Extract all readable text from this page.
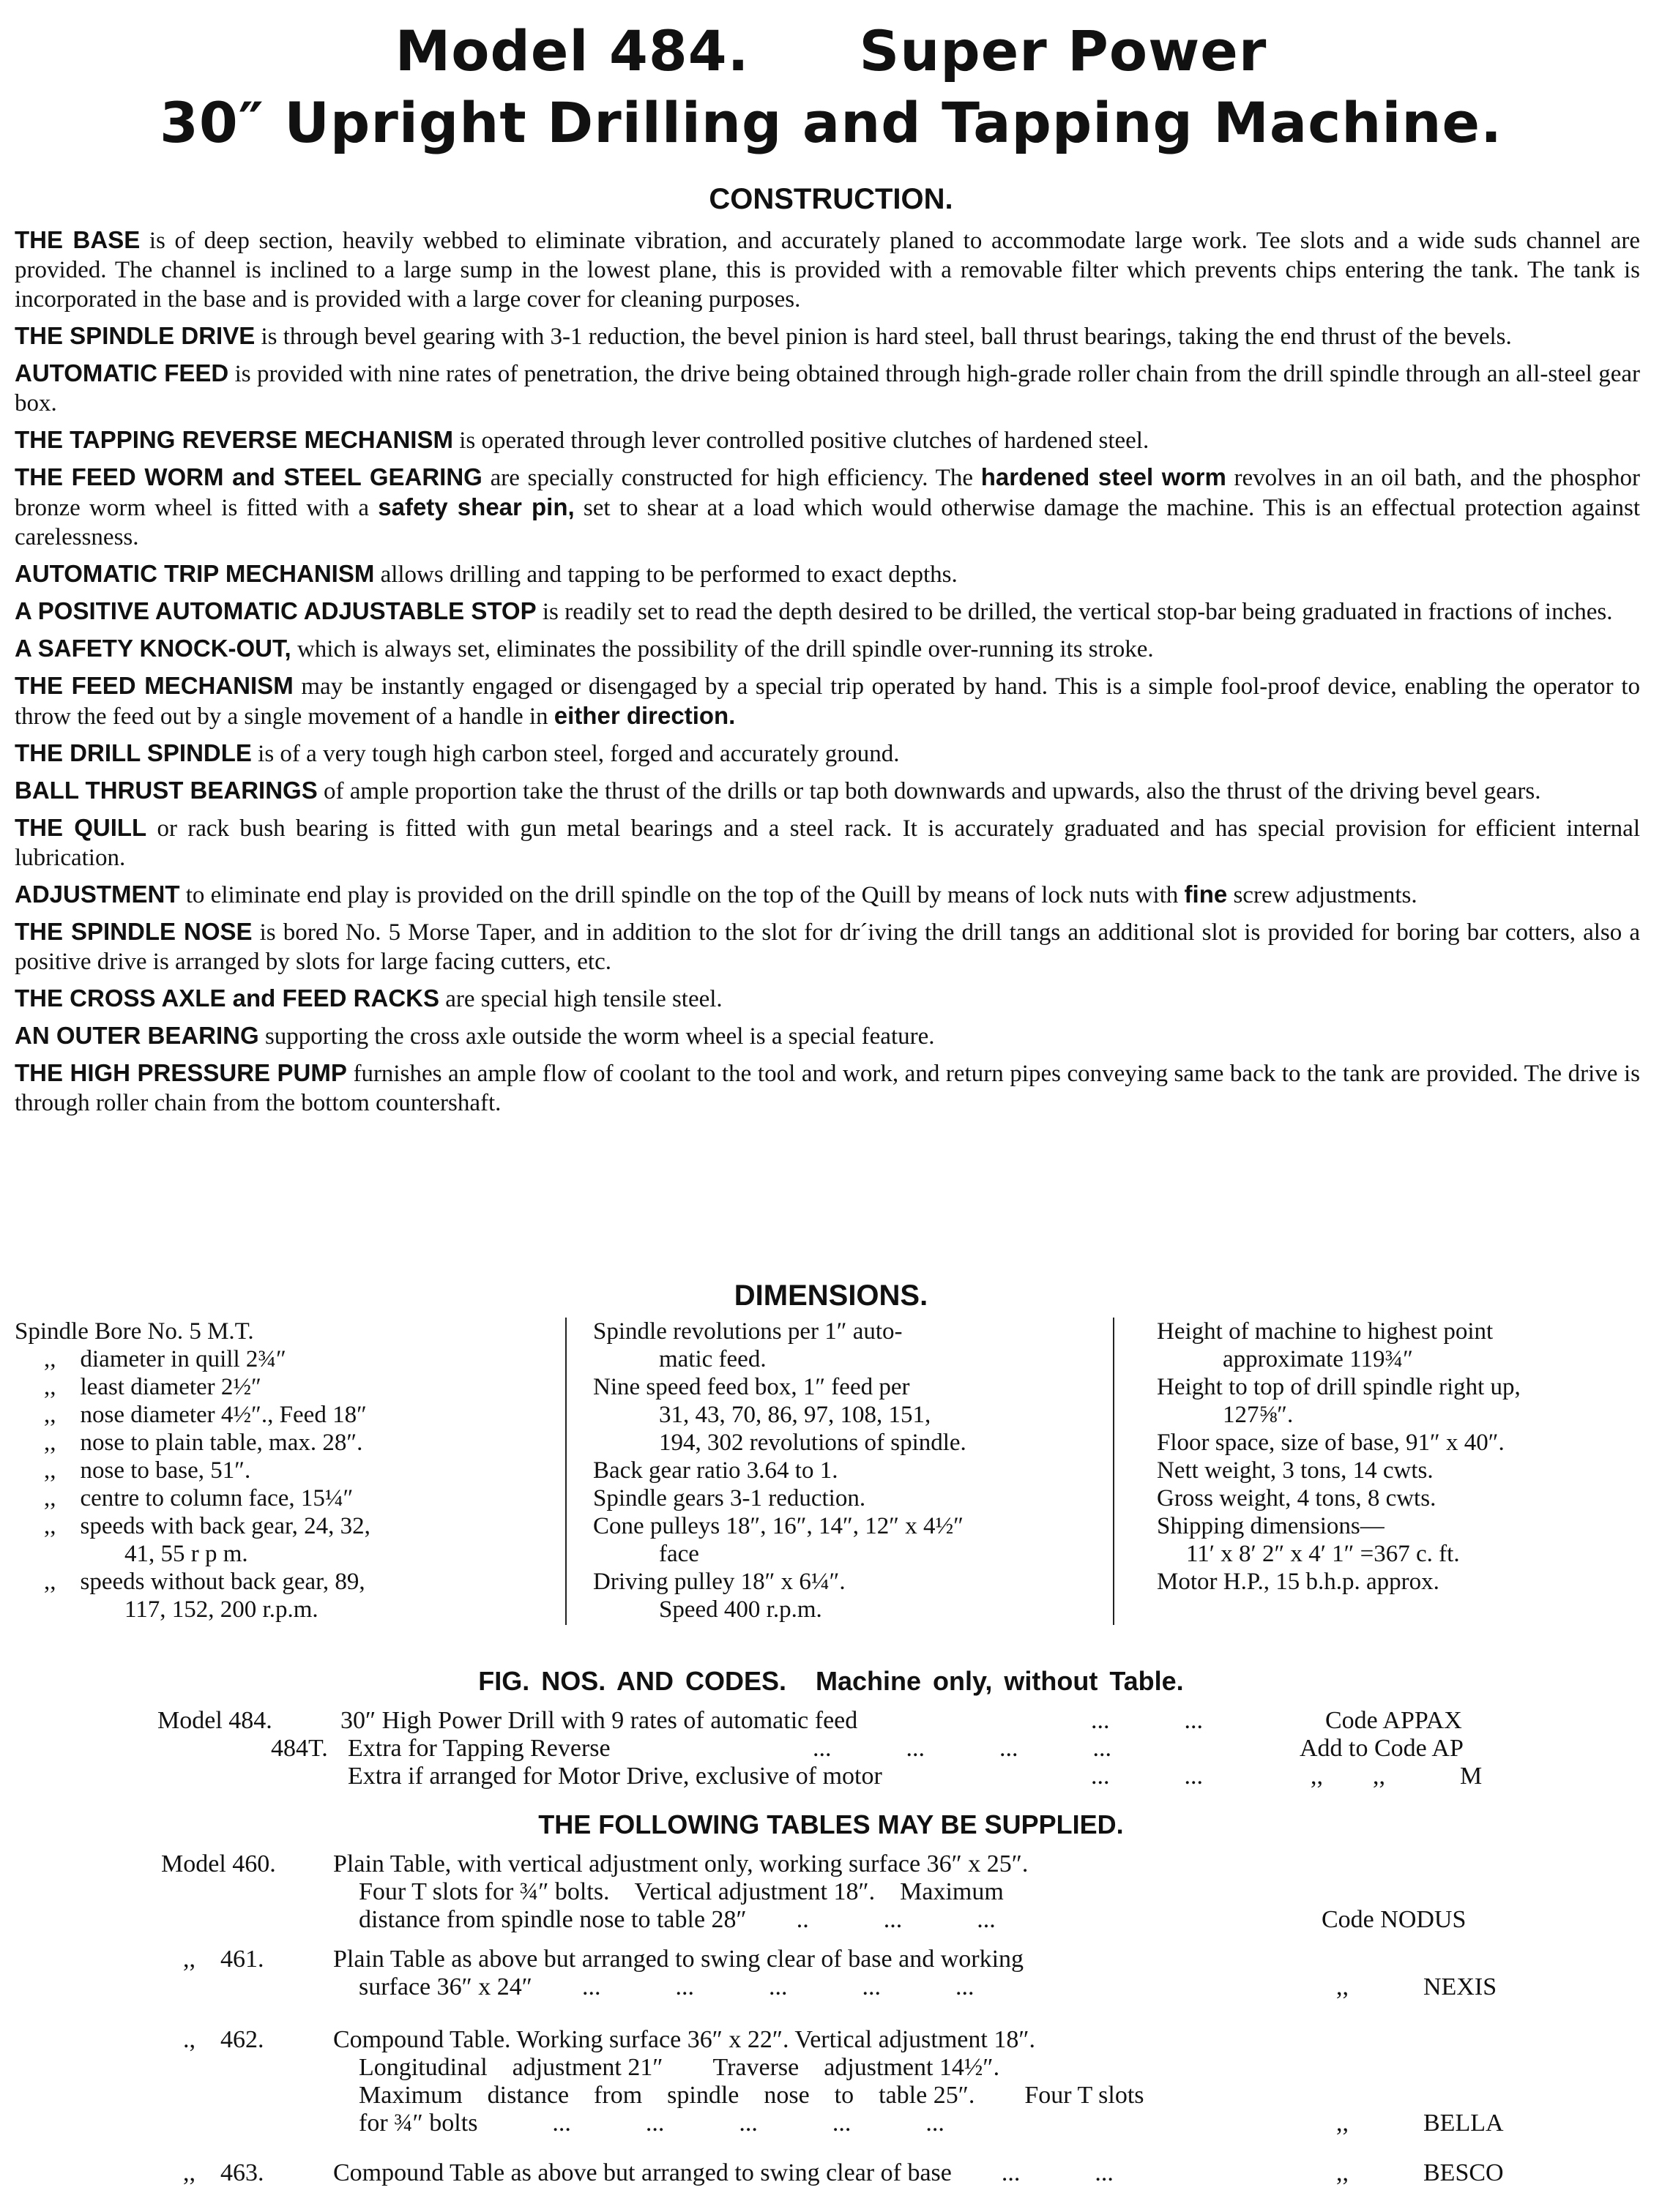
Model 484. Super Power
30″ Upright Drilling and Tapping Machine.
CONSTRUCTION.

THE BASE is of deep section, heavily webbed to eliminate vibration, and accurately planed to accommodate large work. Tee slots and a wide suds channel are provided. The channel is inclined to a large sump in the lowest plane, this is provided with a removable filter which prevents chips entering the tank. The tank is incorporated in the base and is provided with a large cover for cleaning purposes.

THE SPINDLE DRIVE is through bevel gearing with 3-1 reduction, the bevel pinion is hard steel, ball thrust bearings, taking the end thrust of the bevels.

AUTOMATIC FEED is provided with nine rates of penetration, the drive being obtained through high-grade roller chain from the drill spindle through an all-steel gear box.

THE TAPPING REVERSE MECHANISM is operated through lever controlled positive clutches of hardened steel.

THE FEED WORM and STEEL GEARING are specially constructed for high efficiency. The hardened steel worm revolves in an oil bath, and the phosphor bronze worm wheel is fitted with a safety shear pin, set to shear at a load which would otherwise damage the machine. This is an effectual protection against carelessness.

AUTOMATIC TRIP MECHANISM allows drilling and tapping to be performed to exact depths.

A POSITIVE AUTOMATIC ADJUSTABLE STOP is readily set to read the depth desired to be drilled, the vertical stop-bar being graduated in fractions of inches.

A SAFETY KNOCK-OUT, which is always set, eliminates the possibility of the drill spindle over-running its stroke.

THE FEED MECHANISM may be instantly engaged or disengaged by a special trip operated by hand. This is a simple fool-proof device, enabling the operator to throw the feed out by a single movement of a handle in either direction.

THE DRILL SPINDLE is of a very tough high carbon steel, forged and accurately ground.

BALL THRUST BEARINGS of ample proportion take the thrust of the drills or tap both downwards and upwards, also the thrust of the driving bevel gears.

THE QUILL or rack bush bearing is fitted with gun metal bearings and a steel rack. It is accurately graduated and has special provision for efficient internal lubrication.

ADJUSTMENT to eliminate end play is provided on the drill spindle on the top of the Quill by means of lock nuts with fine screw adjustments.

THE SPINDLE NOSE is bored No. 5 Morse Taper, and in addition to the slot for dr´iving the drill tangs an additional slot is provided for boring bar cotters, also a positive drive is arranged by slots for large facing cutters, etc.

THE CROSS AXLE and FEED RACKS are special high tensile steel.

AN OUTER BEARING supporting the cross axle outside the worm wheel is a special feature.

THE HIGH PRESSURE PUMP furnishes an ample flow of coolant to the tool and work, and return pipes conveying same back to the tank are provided. The drive is through roller chain from the bottom countershaft.

DIMENSIONS.
Spindle Bore No. 5 M.T.
,, diameter in quill 2¾″
,, least diameter 2½″
,, nose diameter 4½″., Feed 18″
,, nose to plain table, max. 28″.
,, nose to base, 51″.
,, centre to column face, 15¼″
,, speeds with back gear, 24, 32,
41, 55 r p m.
,, speeds without back gear, 89,
117, 152, 200 r.p.m.
Spindle revolutions per 1″ auto-
matic feed.
Nine speed feed box, 1″ feed per
31, 43, 70, 86, 97, 108, 151,
194, 302 revolutions of spindle.
Back gear ratio 3.64 to 1.
Spindle gears 3-1 reduction.
Cone pulleys 18″, 16″, 14″, 12″ x 4½″
face
Driving pulley 18″ x 6¼″.
Speed 400 r.p.m.
Height of machine to highest point
approximate 119¾″
Height to top of drill spindle right up,
127⅝″.
Floor space, size of base, 91″ x 40″.
Nett weight, 3 tons, 14 cwts.
Gross weight, 4 tons, 8 cwts.
Shipping dimensions—
11′ x 8′ 2″ x 4′ 1″ =367 c. ft.
Motor H.P., 15 b.h.p. approx.
FIG. NOS. AND CODES. Machine only, without Table.
Model 484.	30″ High Power Drill with 9 rates of automatic feed	...   ...	Code APPAX
484T. Extra for Tapping Reverse	...   ...   ...   ...	Add to Code AP
Extra if arranged for Motor Drive, exclusive of motor	...   ...	,,  ,,   M
THE FOLLOWING TABLES MAY BE SUPPLIED.
Model 460. Plain Table, with vertical adjustment only, working surface 36″ x 25″.
Four T slots for ¾″ bolts. Vertical adjustment 18″. Maximum
distance from spindle nose to table 28″  ..   ...   ...	Code NODUS
,, 461.	Plain Table as above but arranged to swing clear of base and working
surface 36″ x 24″  ...   ...   ...   ...   ...	,,   NEXIS
., 462.	Compound Table. Working surface 36″ x 22″. Vertical adjustment 18″.
Longitudinal adjustment 21″  Traverse adjustment 14½″.
Maximum distance from spindle nose to table 25″.  Four T slots
for ¾″ bolts   ...   ...   ...   ...   ...	,,   BELLA
,, 463.	Compound Table as above but arranged to swing clear of base  ...   ...	,,   BESCO
